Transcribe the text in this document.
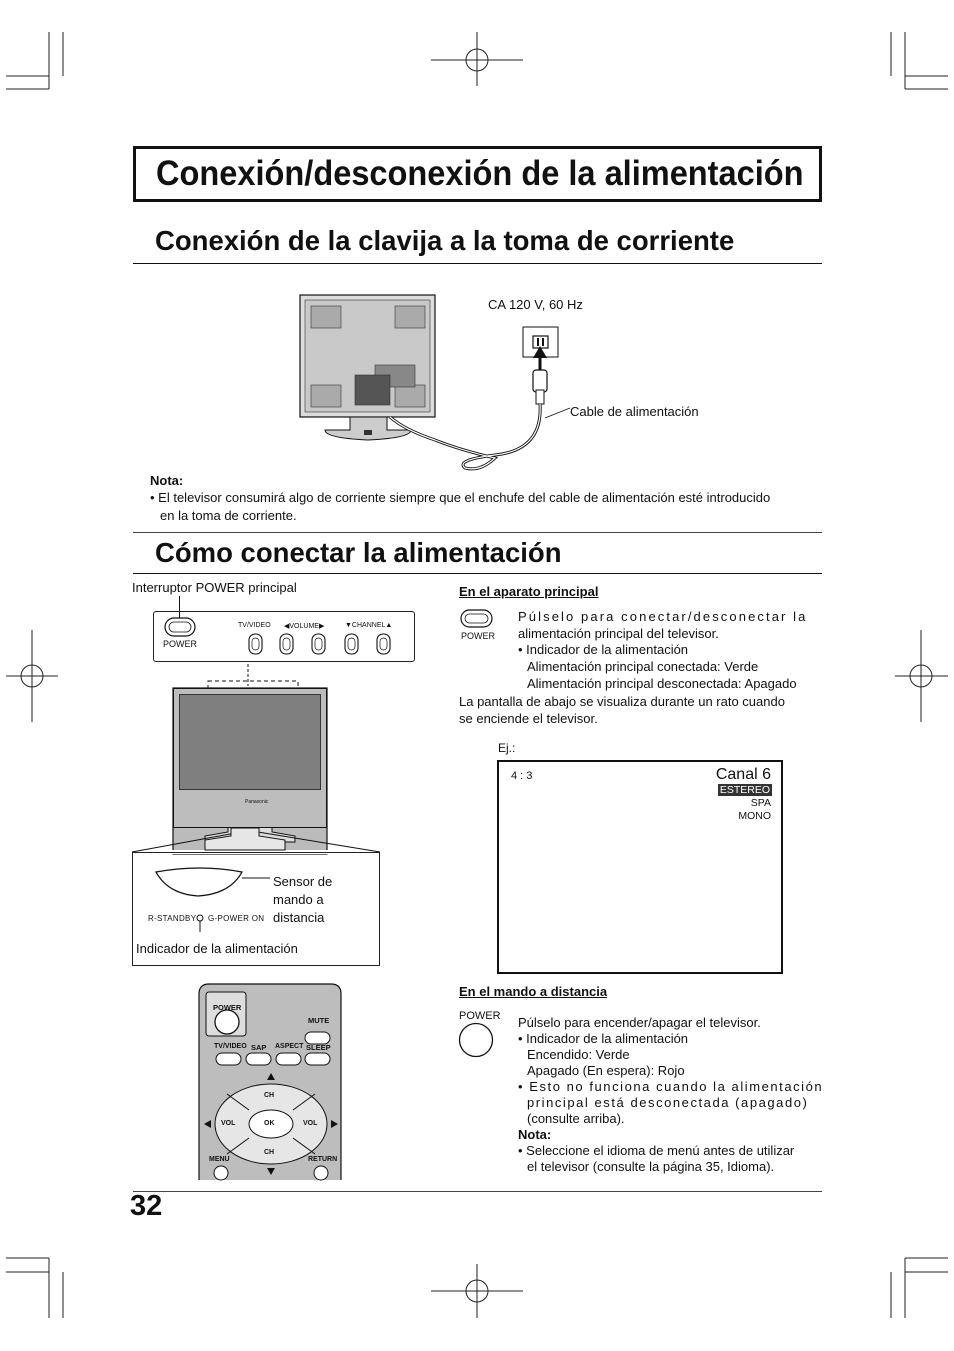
Conexión/desconexión de la alimentación
Conexión de la clavija a la toma de corriente
CA 120 V, 60 Hz
Cable de alimentación
Nota:
• El televisor consumirá algo de corriente siempre que el enchufe del cable de alimentación esté introducido
en la toma de corriente.
Cómo conectar la alimentación
Interruptor POWER principal
POWER
TV/VIDEO ◀VOLUME▶	▼CHANNEL▲
Panasonic
Sensor de mando a distancia
R-STANDBY G-POWER ON
Indicador de la alimentación
POWER
MUTE
TV/VIDEO SAP ASPECT SLEEP
CH
VOL	OK	VOL
CH
MENU	RETURN
En el aparato principal
POWER
Púlselo para conectar/desconectar la
alimentación principal del televisor.
• Indicador de la alimentación
Alimentación principal conectada: Verde
Alimentación principal desconectada: Apagado
La pantalla de abajo se visualiza durante un rato cuando
se enciende el televisor.
Ej.:
4 : 3	Canal 6
ESTEREO
SPA
MONO
En el mando a distancia
POWER Púlselo para encender/apagar el televisor.
• Indicador de la alimentación
Encendido: Verde
Apagado (En espera): Rojo
• Esto no funciona cuando la alimentación
principal está desconectada (apagado)
(consulte arriba).
Nota:
• Seleccione el idioma de menú antes de utilizar
el televisor (consulte la página 35, Idioma).
32
